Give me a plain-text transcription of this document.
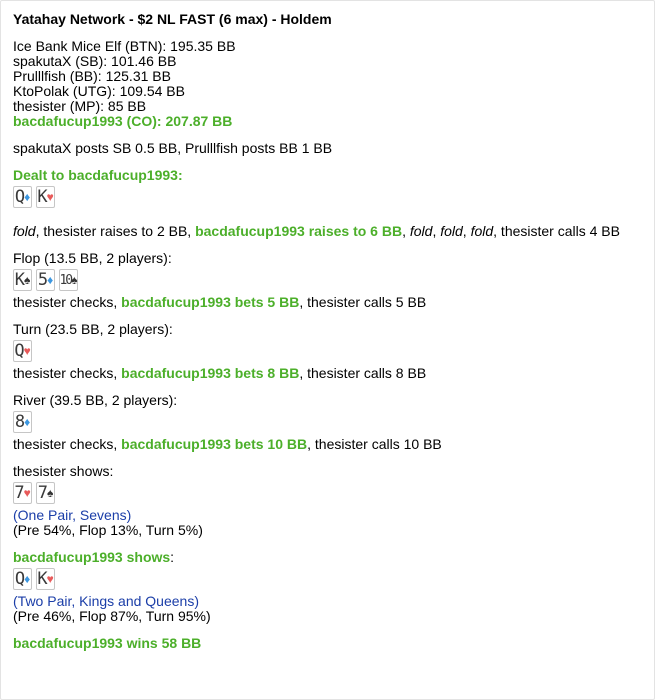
Yatahay Network - $2 NL FAST (6 max) - Holdem
Ice Bank Mice Elf (BTN): 195.35 BB
spakutaX (SB): 101.46 BB
Prulllfish (BB): 125.31 BB
KtoPolak (UTG): 109.54 BB
thesister (MP): 85 BB
bacdafucup1993 (CO): 207.87 BB
spakutaX posts SB 0.5 BB, Prulllfish posts BB 1 BB
Dealt to bacdafucup1993:
Q ♦ K ♥
fold, thesister raises to 2 BB, bacdafucup1993 raises to 6 BB, fold, fold, fold, thesister calls 4 BB
Flop (13.5 BB, 2 players):
K ♠ 5 ♦ 10 ♠
thesister checks, bacdafucup1993 bets 5 BB, thesister calls 5 BB
Turn (23.5 BB, 2 players):
Q ♥
thesister checks, bacdafucup1993 bets 8 BB, thesister calls 8 BB
River (39.5 BB, 2 players):
8 ♦
thesister checks, bacdafucup1993 bets 10 BB, thesister calls 10 BB
thesister shows:
7 ♥ 7 ♠
(One Pair, Sevens)
(Pre 54%, Flop 13%, Turn 5%)
bacdafucup1993 shows:
Q ♦ K ♥
(Two Pair, Kings and Queens)
(Pre 46%, Flop 87%, Turn 95%)
bacdafucup1993 wins 58 BB
